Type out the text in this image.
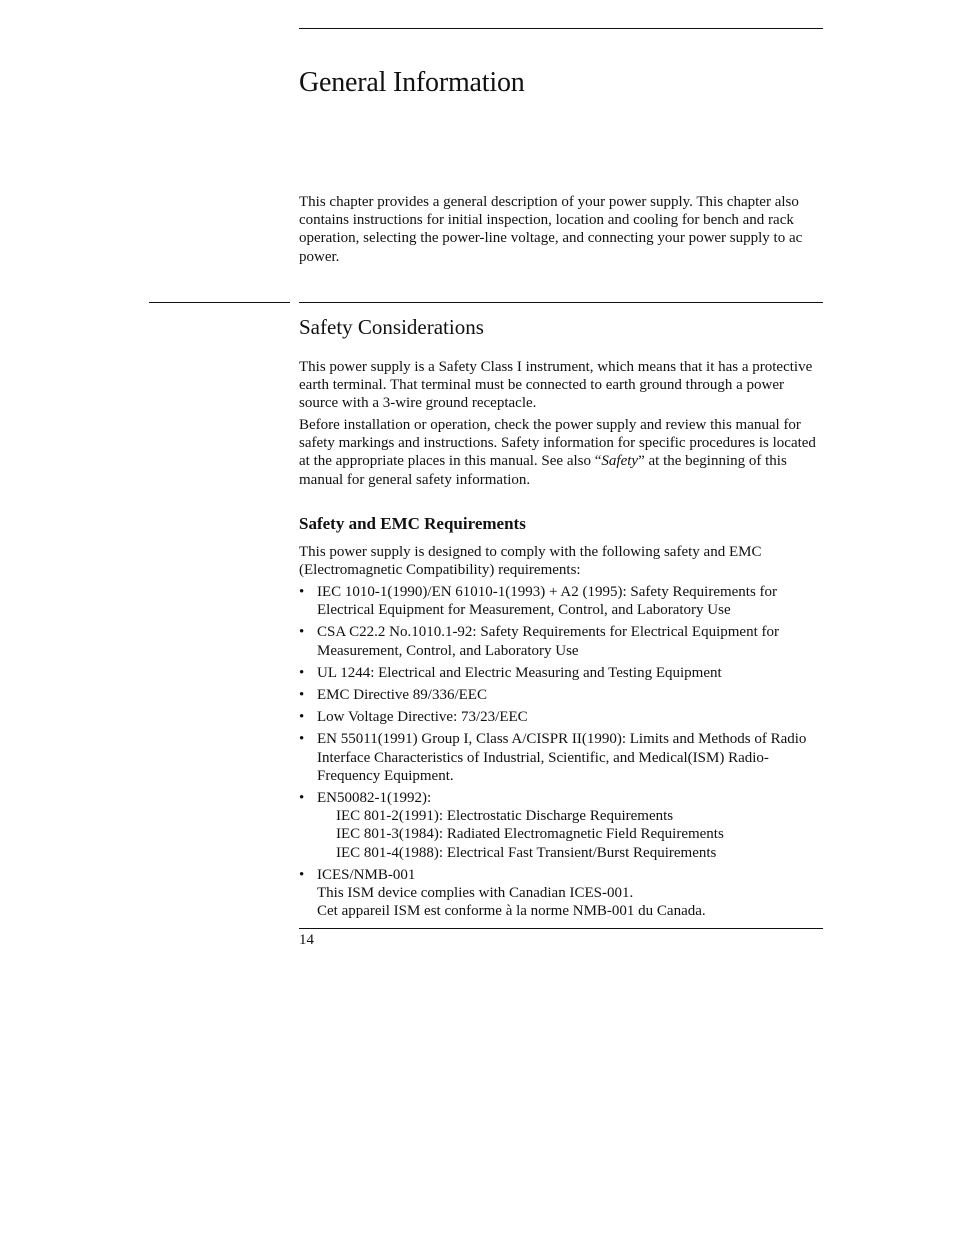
General Information

This chapter provides a general description of your power supply. This chapter also contains instructions for initial inspection, location and cooling for bench and rack operation, selecting the power-line voltage, and connecting your power supply to ac power.

Safety Considerations

This power supply is a Safety Class I instrument, which means that it has a protective earth terminal. That terminal must be connected to earth ground through a power source with a 3-wire ground receptacle.

Before installation or operation, check the power supply and review this manual for safety markings and instructions. Safety information for specific procedures is located at the appropriate places in this manual. See also “Safety” at the beginning of this manual for general safety information.

Safety and EMC Requirements

This power supply is designed to comply with the following safety and EMC (Electromagnetic Compatibility) requirements:

• IEC 1010-1(1990)/EN 61010-1(1993) + A2 (1995): Safety Requirements for Electrical Equipment for Measurement, Control, and Laboratory Use
• CSA C22.2 No.1010.1-92: Safety Requirements for Electrical Equipment for Measurement, Control, and Laboratory Use
• UL 1244: Electrical and Electric Measuring and Testing Equipment
• EMC Directive 89/336/EEC
• Low Voltage Directive: 73/23/EEC
• EN 55011(1991) Group I, Class A/CISPR II(1990): Limits and Methods of Radio Interface Characteristics of Industrial, Scientific, and Medical(ISM) Radio-Frequency Equipment.
• EN50082-1(1992):
IEC 801-2(1991): Electrostatic Discharge Requirements
IEC 801-3(1984): Radiated Electromagnetic Field Requirements
IEC 801-4(1988): Electrical Fast Transient/Burst Requirements
• ICES/NMB-001
This ISM device complies with Canadian ICES-001.
Cet appareil ISM est conforme à la norme NMB-001 du Canada.
14
